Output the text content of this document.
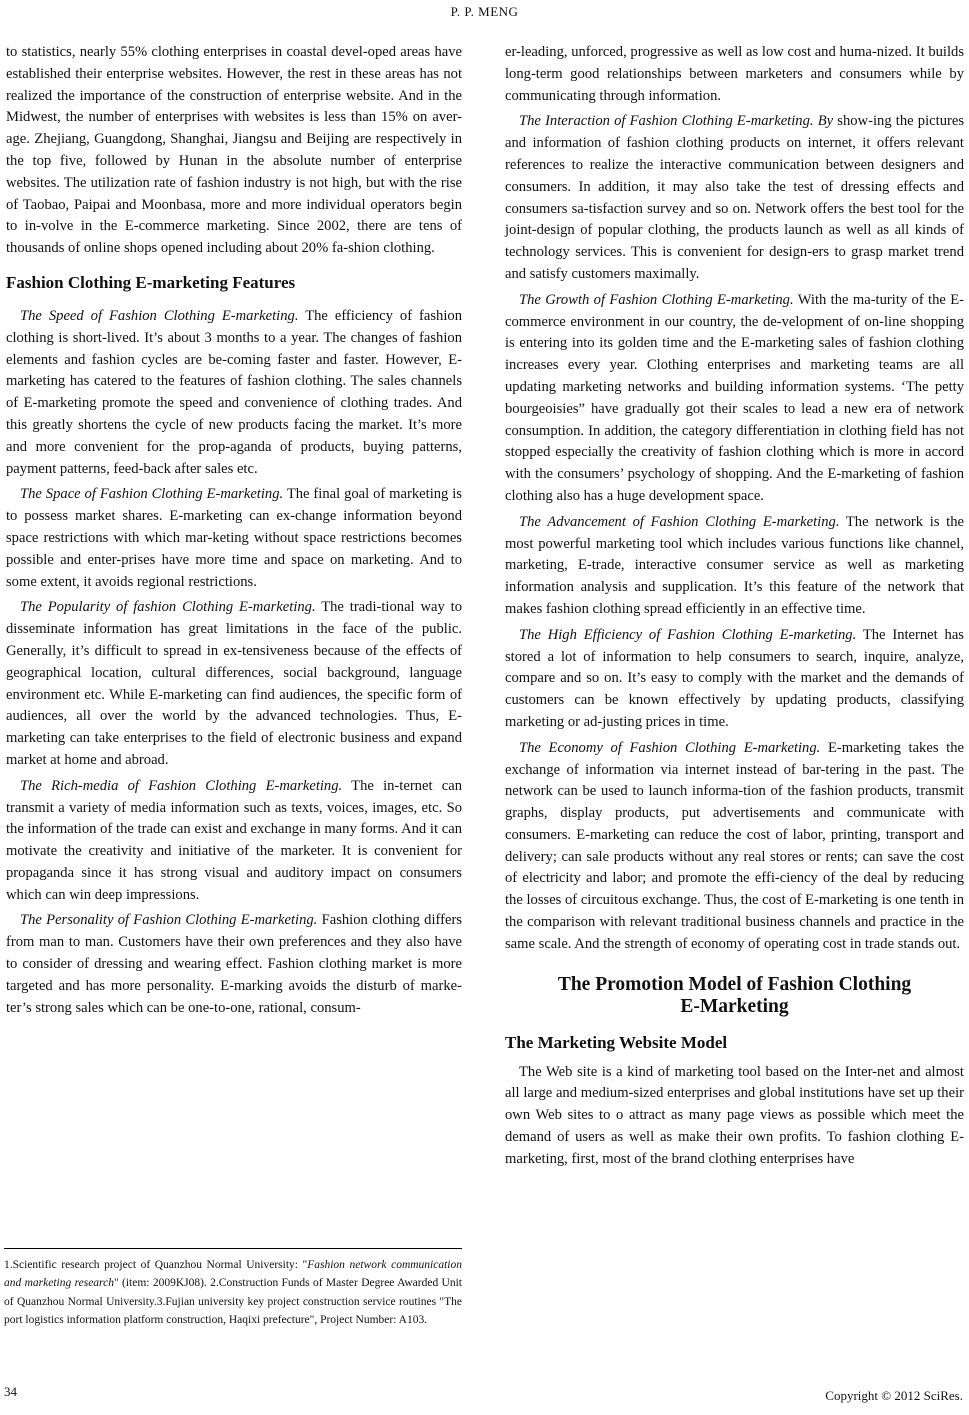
P. P. MENG

to statistics, nearly 55% clothing enterprises in coastal devel-oped areas have established their enterprise websites. However, the rest in these areas has not realized the importance of the construction of enterprise website. And in the Midwest, the number of enterprises with websites is less than 15% on aver-age. Zhejiang, Guangdong, Shanghai, Jiangsu and Beijing are respectively in the top five, followed by Hunan in the absolute number of enterprise websites. The utilization rate of fashion industry is not high, but with the rise of Taobao, Paipai and Moonbasa, more and more individual operators begin to in-volve in the E-commerce marketing. Since 2002, there are tens of thousands of online shops opened including about 20% fa-shion clothing.

Fashion Clothing E-marketing Features

The Speed of Fashion Clothing E-marketing. The efficiency of fashion clothing is short-lived. It’s about 3 months to a year. The changes of fashion elements and fashion cycles are be-coming faster and faster. However, E-marketing has catered to the features of fashion clothing. The sales channels of E-marketing promote the speed and convenience of clothing trades. And this greatly shortens the cycle of new products facing the market. It’s more and more convenient for the prop-aganda of products, buying patterns, payment patterns, feed-back after sales etc.

The Space of Fashion Clothing E-marketing. The final goal of marketing is to possess market shares. E-marketing can ex-change information beyond space restrictions with which mar-keting without space restrictions becomes possible and enter-prises have more time and space on marketing. And to some extent, it avoids regional restrictions.

The Popularity of fashion Clothing E-marketing. The tradi-tional way to disseminate information has great limitations in the face of the public. Generally, it’s difficult to spread in ex-tensiveness because of the effects of geographical location, cultural differences, social background, language environment etc. While E-marketing can find audiences, the specific form of audiences, all over the world by the advanced technologies. Thus, E-marketing can take enterprises to the field of electronic business and expand market at home and abroad.

The Rich-media of Fashion Clothing E-marketing. The in-ternet can transmit a variety of media information such as texts, voices, images, etc. So the information of the trade can exist and exchange in many forms. And it can motivate the creativity and initiative of the marketer. It is convenient for propaganda since it has strong visual and auditory impact on consumers which can win deep impressions.

The Personality of Fashion Clothing E-marketing. Fashion clothing differs from man to man. Customers have their own preferences and they also have to consider of dressing and wearing effect. Fashion clothing market is more targeted and has more personality. E-marking avoids the disturb of marke-ter’s strong sales which can be one-to-one, rational, consum-

er-leading, unforced, progressive as well as low cost and huma-nized. It builds long-term good relationships between marketers and consumers while by communicating through information.

The Interaction of Fashion Clothing E-marketing. By show-ing the pictures and information of fashion clothing products on internet, it offers relevant references to realize the interactive communication between designers and consumers. In addition, it may also take the test of dressing effects and consumers sa-tisfaction survey and so on. Network offers the best tool for the joint-design of popular clothing, the products launch as well as all kinds of technology services. This is convenient for design-ers to grasp market trend and satisfy customers maximally.

The Growth of Fashion Clothing E-marketing. With the ma-turity of the E-commerce environment in our country, the de-velopment of on-line shopping is entering into its golden time and the E-marketing sales of fashion clothing increases every year. Clothing enterprises and marketing teams are all updating marketing networks and building information systems. ‘The petty bourgeoisies” have gradually got their scales to lead a new era of network consumption. In addition, the category differentiation in clothing field has not stopped especially the creativity of fashion clothing which is more in accord with the consumers’ psychology of shopping. And the E-marketing of fashion clothing also has a huge development space.

The Advancement of Fashion Clothing E-marketing. The network is the most powerful marketing tool which includes various functions like channel, marketing, E-trade, interactive consumer service as well as marketing information analysis and supplication. It’s this feature of the network that makes fashion clothing spread efficiently in an effective time.

The High Efficiency of Fashion Clothing E-marketing. The Internet has stored a lot of information to help consumers to search, inquire, analyze, compare and so on. It’s easy to comply with the market and the demands of customers can be known effectively by updating products, classifying marketing or ad-justing prices in time.

The Economy of Fashion Clothing E-marketing. E-marketing takes the exchange of information via internet instead of bar-tering in the past. The network can be used to launch informa-tion of the fashion products, transmit graphs, display products, put advertisements and communicate with consumers. E-marketing can reduce the cost of labor, printing, transport and delivery; can sale products without any real stores or rents; can save the cost of electricity and labor; and promote the effi-ciency of the deal by reducing the losses of circuitous exchange. Thus, the cost of E-marketing is one tenth in the comparison with relevant traditional business channels and practice in the same scale. And the strength of economy of operating cost in trade stands out.

The Promotion Model of Fashion Clothing
E-Marketing
The Marketing Website Model

The Web site is a kind of marketing tool based on the Inter-net and almost all large and medium-sized enterprises and global institutions have set up their own Web sites to o attract as many page views as possible which meet the demand of users as well as make their own profits. To fashion clothing E-marketing, first, most of the brand clothing enterprises have

1.Scientific research project of Quanzhou Normal University: "Fashion network communication and marketing research" (item: 2009KJ08). 2.Construction Funds of Master Degree Awarded Unit of Quanzhou Normal University.3.Fujian university key project construction service routines "The port logistics information platform construction, Haqixi prefecture", Project Number: A103.
34	Copyright © 2012 SciRes.
